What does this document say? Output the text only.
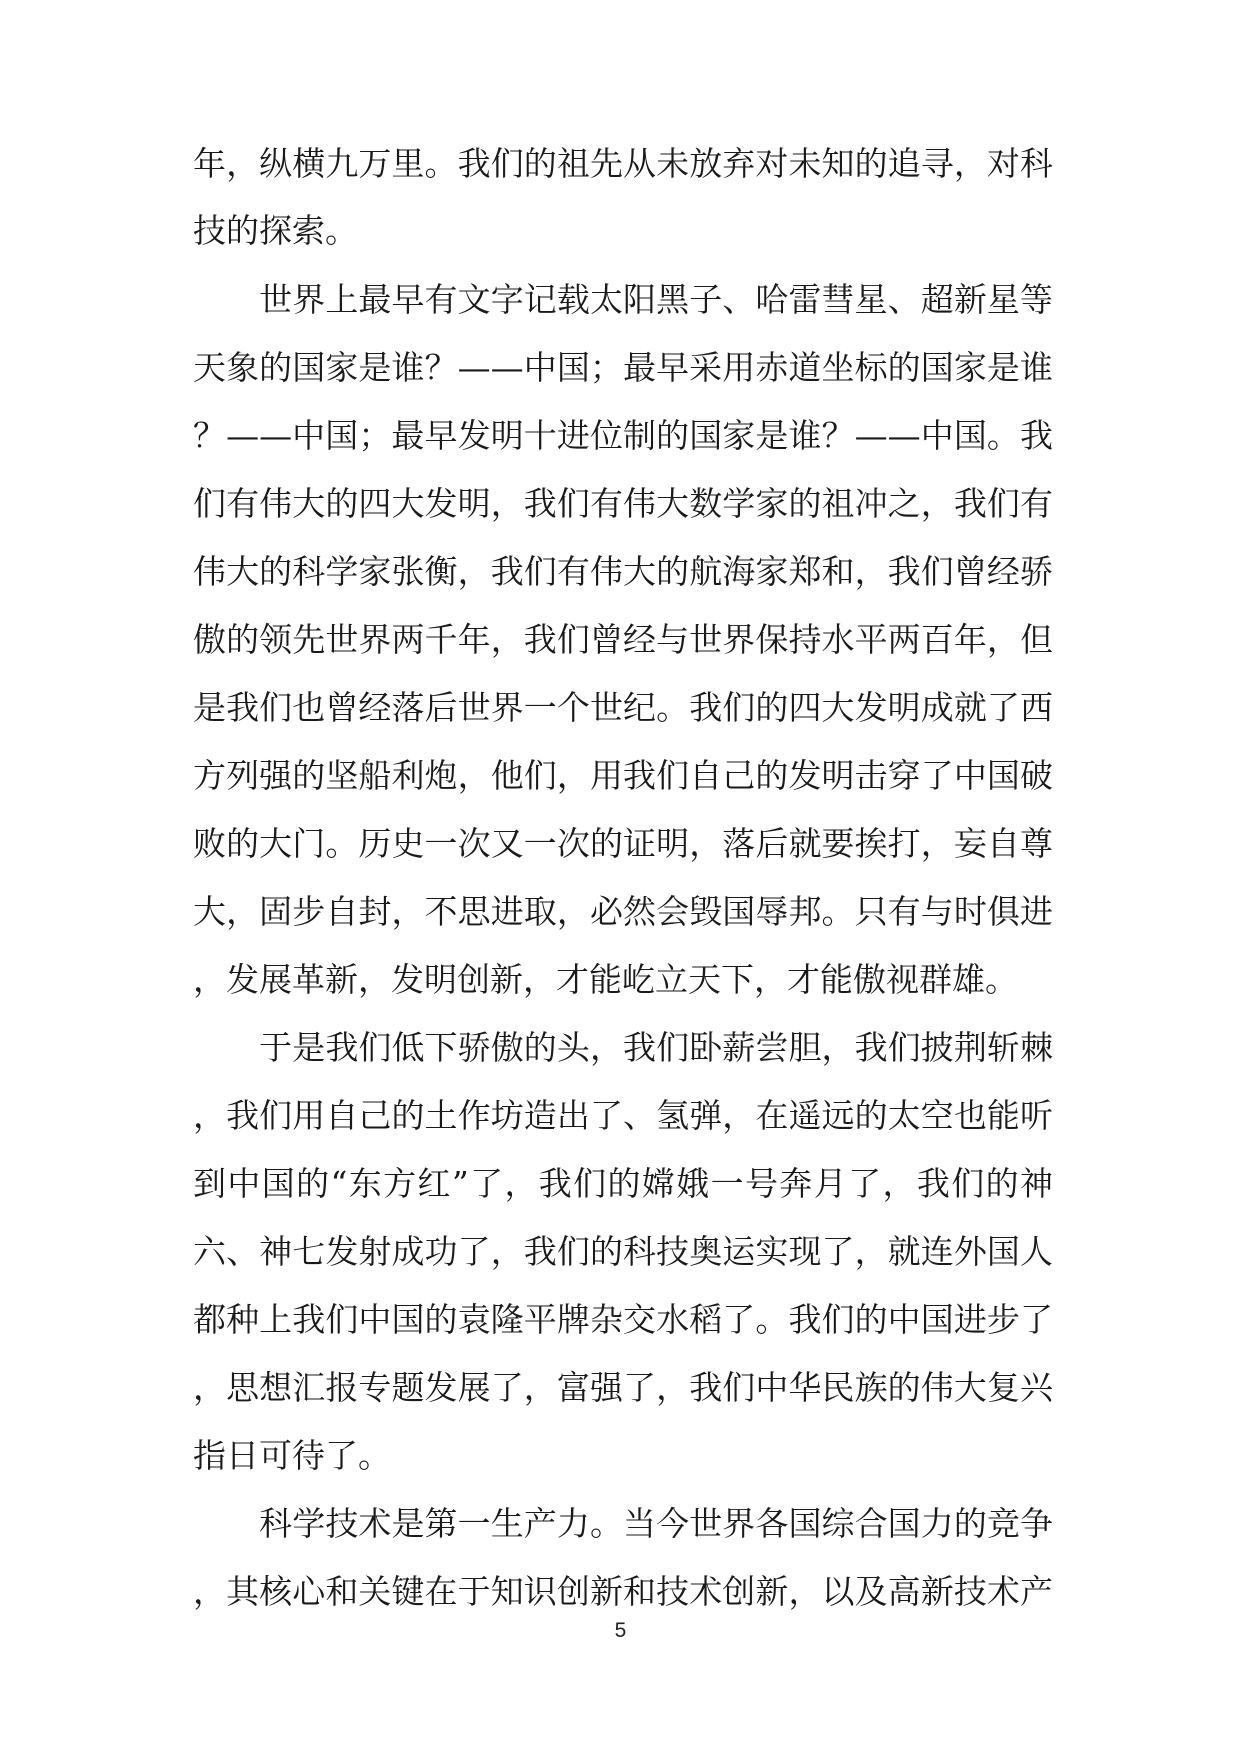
年，纵横九万里。我们的祖先从未放弃对未知的追寻，对科
技的探索。
　　世界上最早有文字记载太阳黑子、哈雷彗星、超新星等
天象的国家是谁？——中国；最早采用赤道坐标的国家是谁
？——中国；最早发明十进位制的国家是谁？——中国。我
们有伟大的四大发明，我们有伟大数学家的祖冲之，我们有
伟大的科学家张衡，我们有伟大的航海家郑和，我们曾经骄
傲的领先世界两千年，我们曾经与世界保持水平两百年，但
是我们也曾经落后世界一个世纪。我们的四大发明成就了西
方列强的坚船利炮，他们，用我们自己的发明击穿了中国破
败的大门。历史一次又一次的证明，落后就要挨打，妄自尊
大，固步自封，不思进取，必然会毁国辱邦。只有与时俱进
，发展革新，发明创新，才能屹立天下，才能傲视群雄。
　　于是我们低下骄傲的头，我们卧薪尝胆，我们披荆斩棘
，我们用自己的土作坊造出了、氢弹，在遥远的太空也能听
到中国的“东方红”了，我们的嫦娥一号奔月了，我们的神
六、神七发射成功了，我们的科技奥运实现了，就连外国人
都种上我们中国的袁隆平牌杂交水稻了。我们的中国进步了
，思想汇报专题发展了，富强了，我们中华民族的伟大复兴
指日可待了。
　　科学技术是第一生产力。当今世界各国综合国力的竞争
，其核心和关键在于知识创新和技术创新，以及高新技术产
5
